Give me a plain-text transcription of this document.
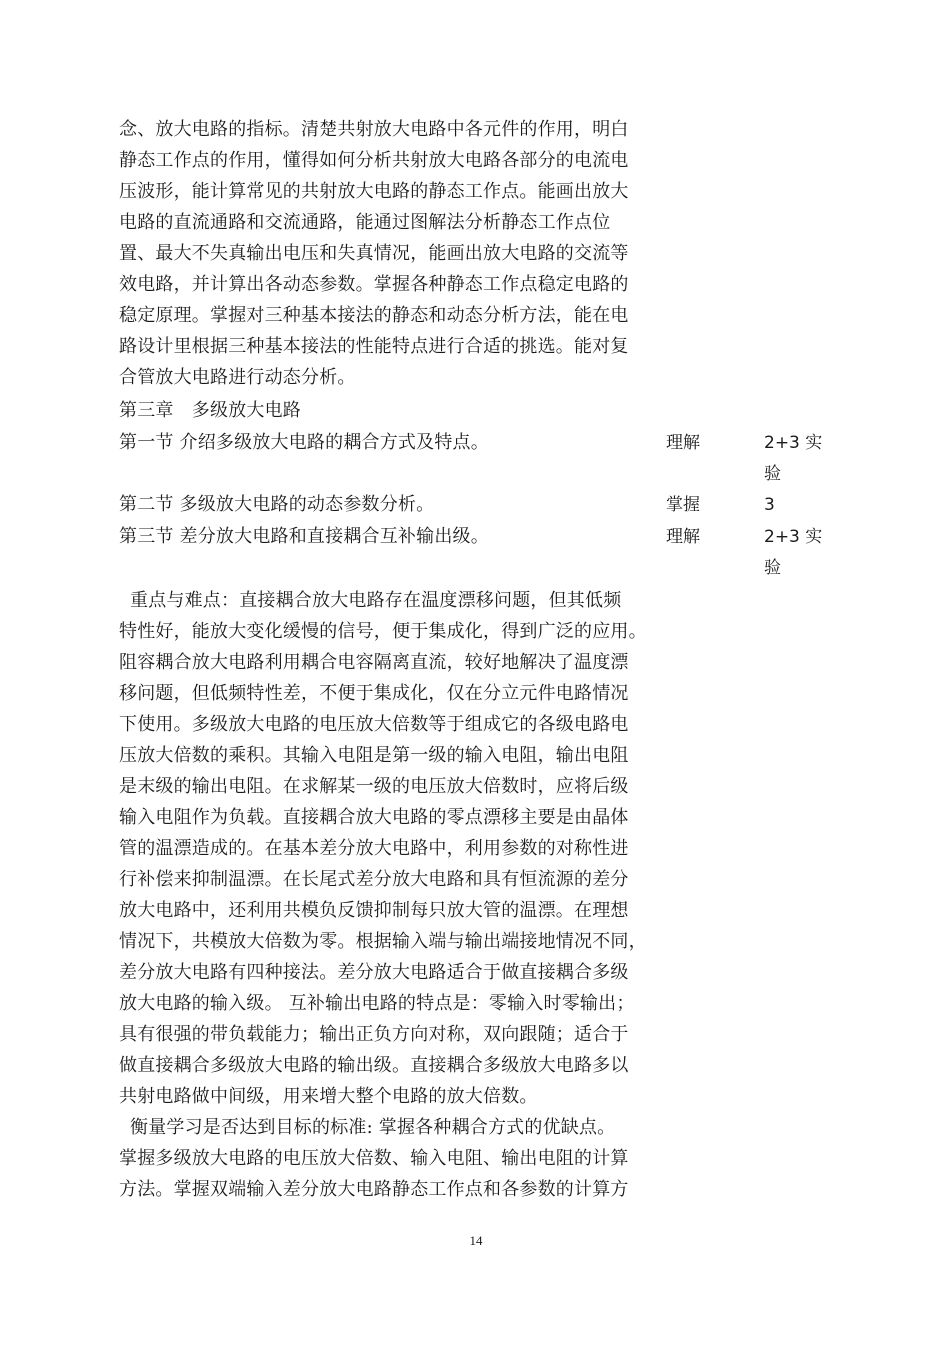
念、放大电路的指标。清楚共射放大电路中各元件的作用，明白
静态工作点的作用，懂得如何分析共射放大电路各部分的电流电
压波形，能计算常见的共射放大电路的静态工作点。能画出放大
电路的直流通路和交流通路，能通过图解法分析静态工作点位
置、最大不失真输出电压和失真情况，能画出放大电路的交流等
效电路，并计算出各动态参数。掌握各种静态工作点稳定电路的
稳定原理。掌握对三种基本接法的静态和动态分析方法，能在电
路设计里根据三种基本接法的性能特点进行合适的挑选。能对复
合管放大电路进行动态分析。
第三章　多级放大电路
第一节 介绍多级放大电路的耦合方式及特点。	理解	2+3 实
验
第二节 多级放大电路的动态参数分析。	掌握	3
第三节 差分放大电路和直接耦合互补输出级。	理解	2+3 实
验
重点与难点：直接耦合放大电路存在温度漂移问题，但其低频
特性好，能放大变化缓慢的信号，便于集成化，得到广泛的应用。
阻容耦合放大电路利用耦合电容隔离直流，较好地解决了温度漂
移问题，但低频特性差，不便于集成化，仅在分立元件电路情况
下使用。多级放大电路的电压放大倍数等于组成它的各级电路电
压放大倍数的乘积。其输入电阻是第一级的输入电阻，输出电阻
是末级的输出电阻。在求解某一级的电压放大倍数时，应将后级
输入电阻作为负载。直接耦合放大电路的零点漂移主要是由晶体
管的温漂造成的。在基本差分放大电路中，利用参数的对称性进
行补偿来抑制温漂。在长尾式差分放大电路和具有恒流源的差分
放大电路中，还利用共模负反馈抑制每只放大管的温漂。在理想
情况下，共模放大倍数为零。根据输入端与输出端接地情况不同，
差分放大电路有四种接法。差分放大电路适合于做直接耦合多级
放大电路的输入级。 互补输出电路的特点是：零输入时零输出；
具有很强的带负载能力；输出正负方向对称，双向跟随；适合于
做直接耦合多级放大电路的输出级。直接耦合多级放大电路多以
共射电路做中间级，用来增大整个电路的放大倍数。
衡量学习是否达到目标的标准: 掌握各种耦合方式的优缺点。
掌握多级放大电路的电压放大倍数、输入电阻、输出电阻的计算
方法。掌握双端输入差分放大电路静态工作点和各参数的计算方
14
